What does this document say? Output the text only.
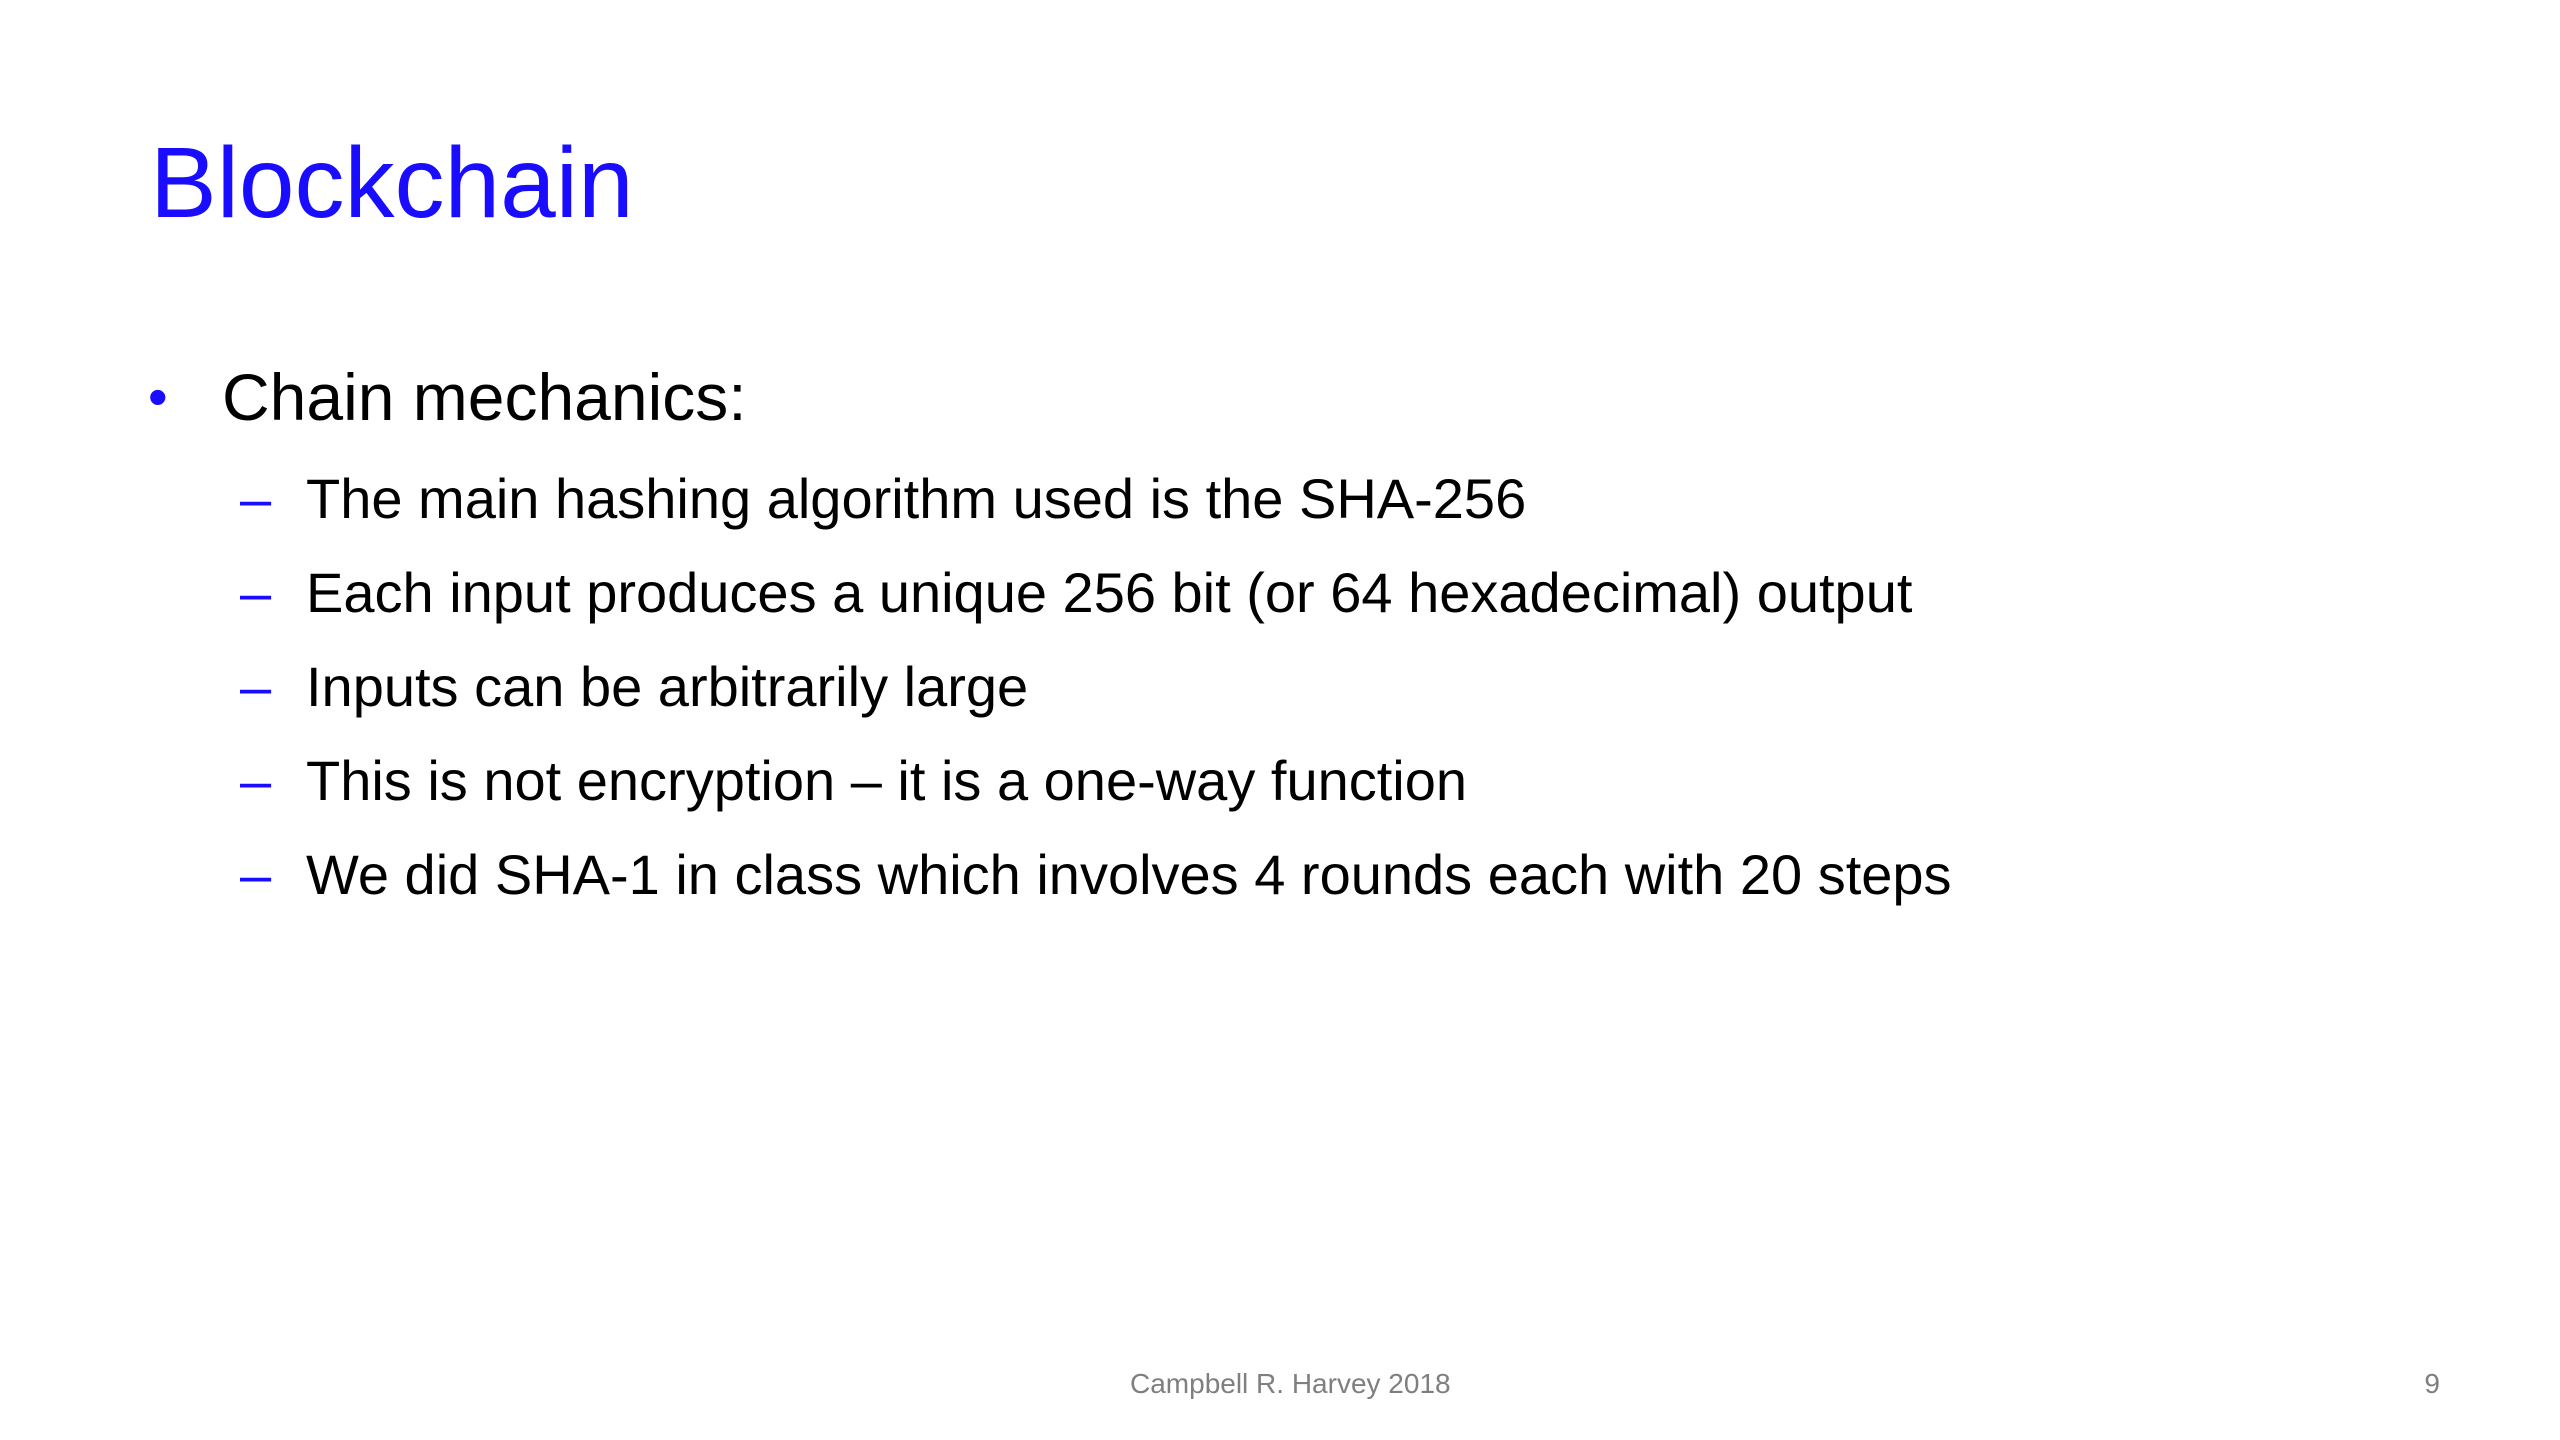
Blockchain
• Chain mechanics:
– The main hashing algorithm used is the SHA-256
– Each input produces a unique 256 bit (or 64 hexadecimal) output
– Inputs can be arbitrarily large
– This is not encryption – it is a one-way function
– We did SHA-1 in class which involves 4 rounds each with 20 steps
Campbell R. Harvey 2018	9
